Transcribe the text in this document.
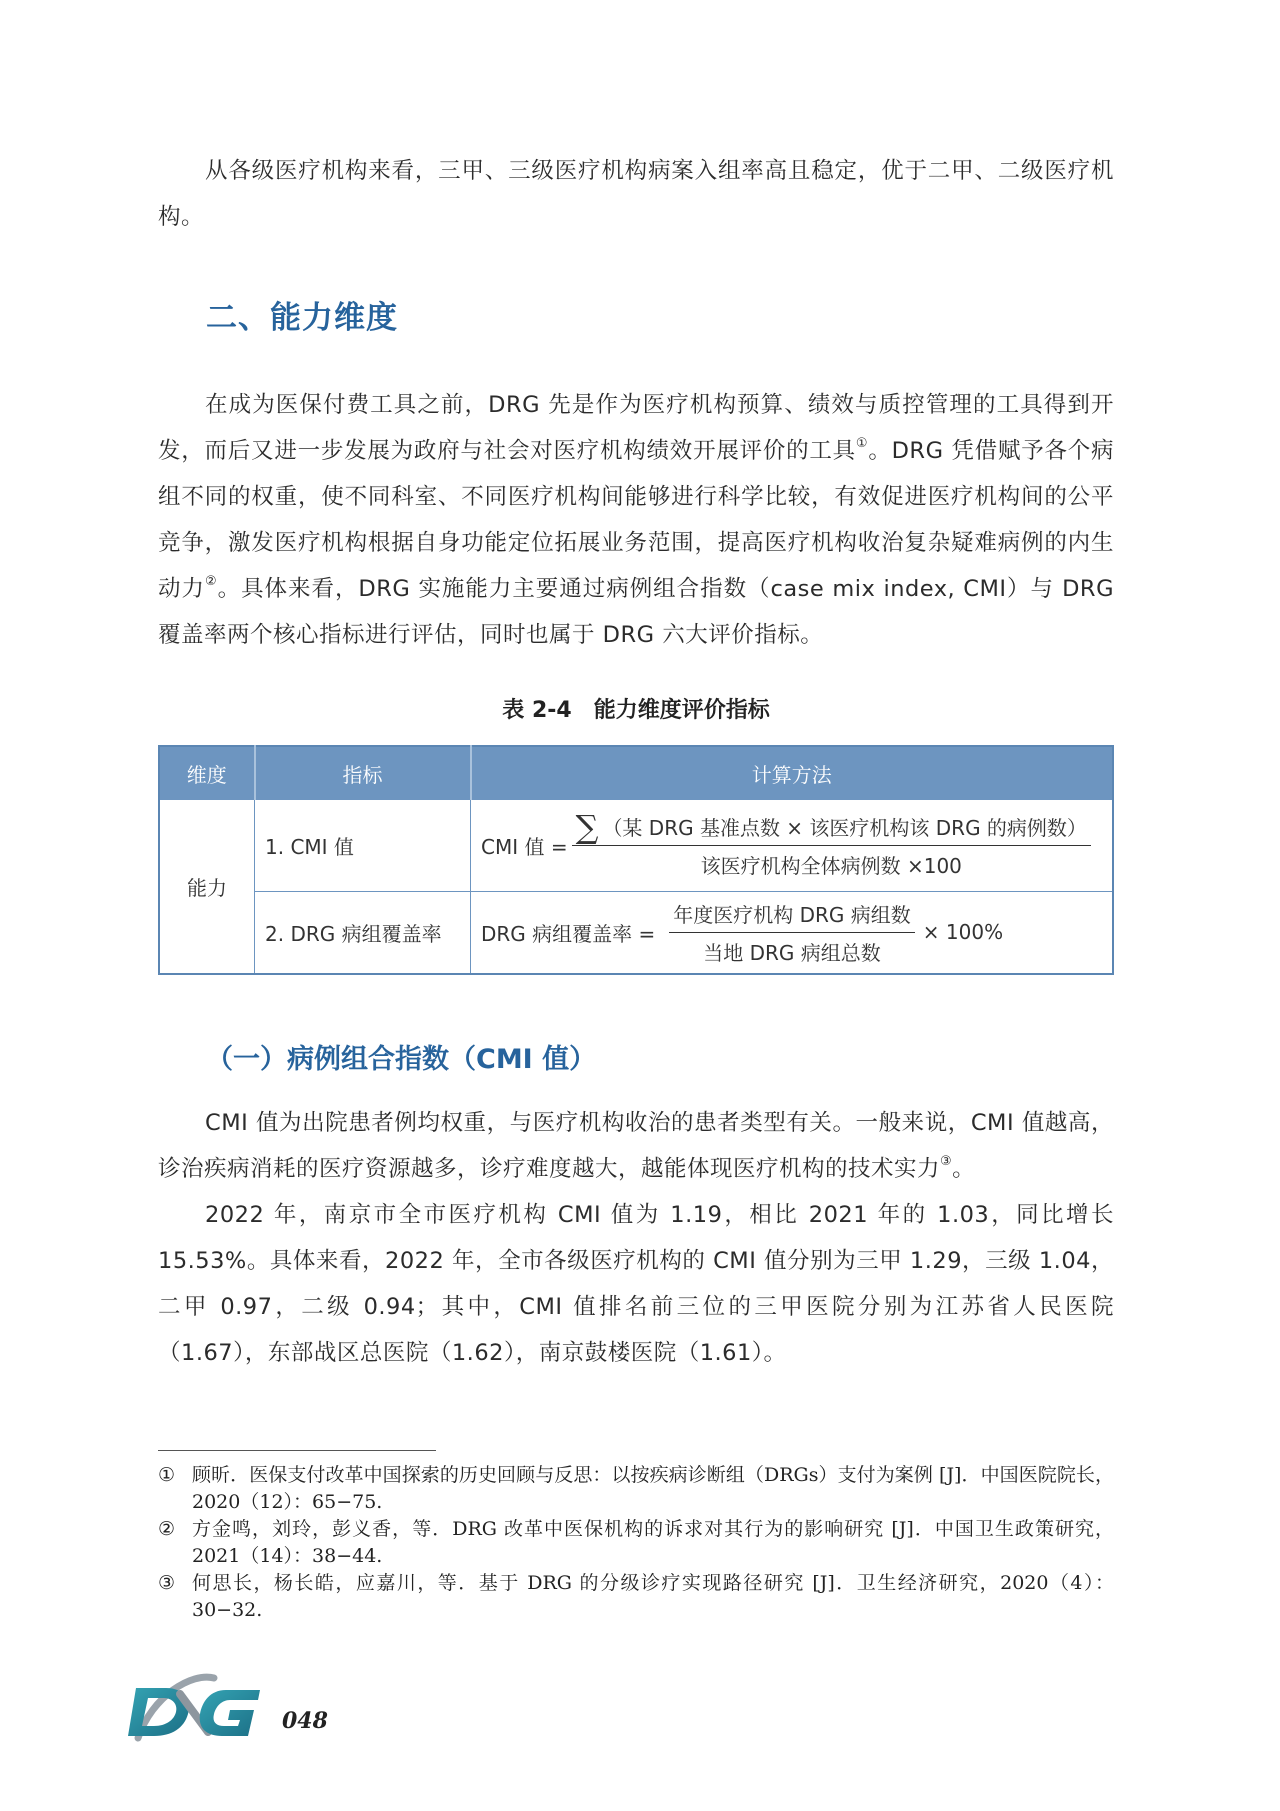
从各级医疗机构来看，三甲、三级医疗机构病案入组率高且稳定，优于二甲、二级医疗机构。

二、能力维度

在成为医保付费工具之前，DRG 先是作为医疗机构预算、绩效与质控管理的工具得到开发，而后又进一步发展为政府与社会对医疗机构绩效开展评价的工具①。DRG 凭借赋予各个病组不同的权重，使不同科室、不同医疗机构间能够进行科学比较，有效促进医疗机构间的公平竞争，激发医疗机构根据自身功能定位拓展业务范围，提高医疗机构收治复杂疑难病例的内生动力②。具体来看，DRG 实施能力主要通过病例组合指数（case mix index, CMI）与 DRG 覆盖率两个核心指标进行评估，同时也属于 DRG 六大评价指标。

表 2-4　能力维度评价指标
维度	指标	计算方法
能力	1. CMI 值	CMI 值 = $\frac{\text{∑ （某 DRG 基准点数 × 该医疗机构该 DRG 的病例数）}}{\text{该医疗机构全体病例数 ×100}}$

	2. DRG 病组覆盖率	DRG 病组覆盖率 = $\frac{\text{年度医疗机构 DRG 病组数}}{\text{当地 DRG 病组总数}} \times 100\%$
（一）病例组合指数（CMI 值）

CMI 值为出院患者例均权重，与医疗机构收治的患者类型有关。一般来说，CMI 值越高，诊治疾病消耗的医疗资源越多，诊疗难度越大，越能体现医疗机构的技术实力③。

2022 年，南京市全市医疗机构 CMI 值为 1.19，相比 2021 年的 1.03，同比增长 15.53%。具体来看，2022 年，全市各级医疗机构的 CMI 值分别为三甲 1.29，三级 1.04，二甲 0.97，二级 0.94；其中，CMI 值排名前三位的三甲医院分别为江苏省人民医院（1.67），东部战区总医院（1.62），南京鼓楼医院（1.61）。

① 顾昕．医保支付改革中国探索的历史回顾与反思：以按疾病诊断组（DRGs）支付为案例 [J]．中国医院院长，2020（12）：65−75.
② 方金鸣，刘玲，彭义香，等．DRG 改革中医保机构的诉求对其行为的影响研究 [J]．中国卫生政策研究，2021（14）：38−44.
③ 何思长，杨长皓，应嘉川，等．基于 DRG 的分级诊疗实现路径研究 [J]．卫生经济研究，2020（4）：30−32.
048
